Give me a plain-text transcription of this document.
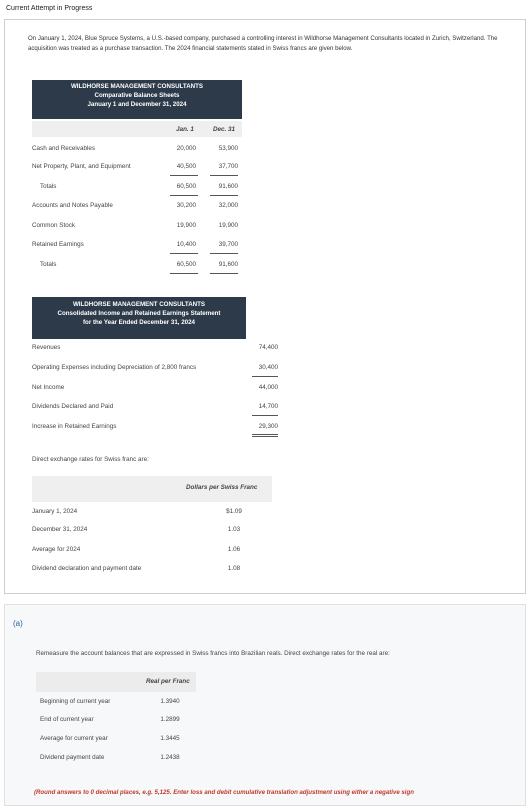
Current Attempt in Progress
On January 1, 2024, Blue Spruce Systems, a U.S.-based company, purchased a controlling interest in Wildhorse Management Consultants located in Zurich, Switzerland. The acquisition was treated as a purchase transaction. The 2024 financial statements stated in Swiss francs are given below.
WILDHORSE MANAGEMENT CONSULTANTS
Comparative Balance Sheets
January 1 and December 31, 2024
Jan. 1	Dec. 31
Cash and Receivables	20,000	53,900
Net Property, Plant, and Equipment	40,500	37,700
Totals	60,500	91,600
Accounts and Notes Payable	30,200	32,000
Common Stock	19,900	19,900
Retained Earnings	10,400	39,700
Totals	60,500	91,600
WILDHORSE MANAGEMENT CONSULTANTS
Consolidated Income and Retained Earnings Statement
for the Year Ended December 31, 2024
Revenues	74,400
Operating Expenses including Depreciation of 2,800 francs	30,400
Net Income	44,000
Dividends Declared and Paid	14,700
Increase in Retained Earnings	29,300
Direct exchange rates for Swiss franc are:
Dollars per Swiss Franc
January 1, 2024	$1.09
December 31, 2024	1.03
Average for 2024	1.06
Dividend declaration and payment date	1.08
(a)
Remeasure the account balances that are expressed in Swiss francs into Brazilian reals. Direct exchange rates for the real are:
Real per Franc
Beginning of current year	1.3940
End of current year	1.2899
Average for current year	1.3445
Dividend payment date	1.2438
(Round answers to 0 decimal places, e.g. 5,125. Enter loss and debit cumulative translation adjustment using either a negative sign
